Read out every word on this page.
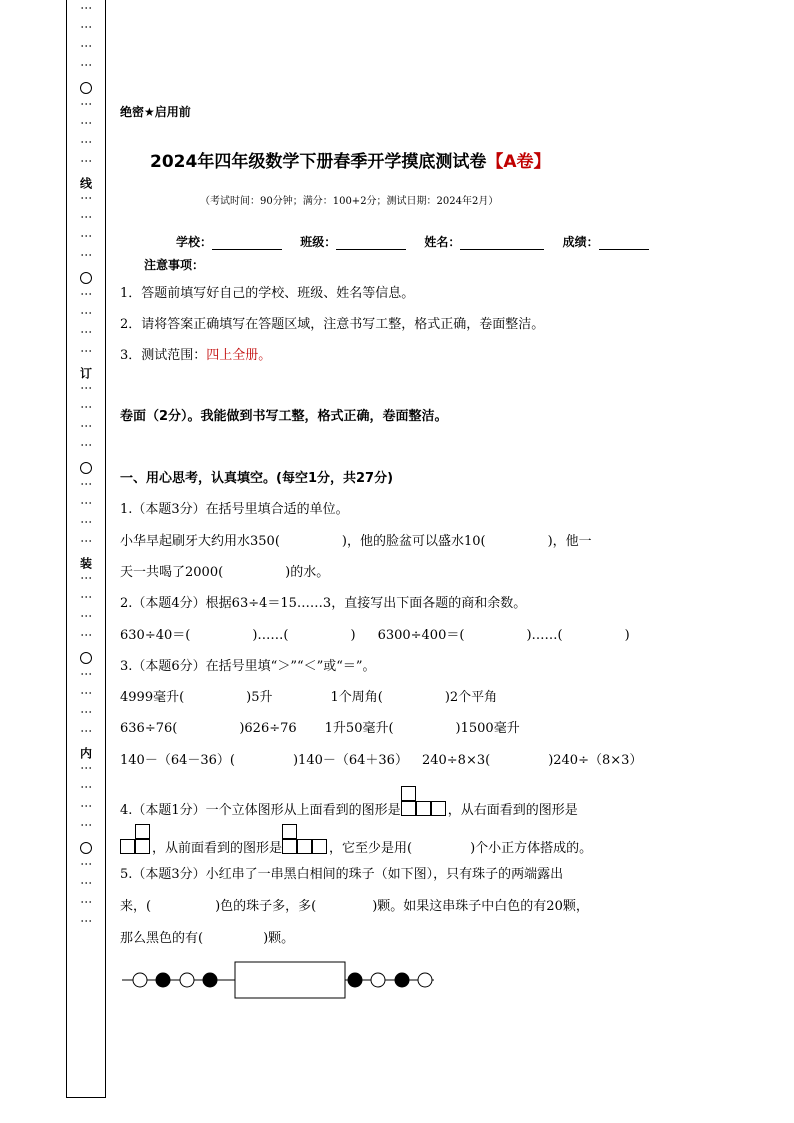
⋮
⋮
⋮
⋮
⋮
⋮
⋮
⋮
线
⋮
⋮
⋮
⋮
⋮
⋮
⋮
⋮
订
⋮
⋮
⋮
⋮
⋮
⋮
⋮
⋮
装
⋮
⋮
⋮
⋮
⋮
⋮
⋮
⋮
内
⋮
⋮
⋮
⋮
⋮
⋮
⋮
⋮
绝密★启用前
2024年四年级数学下册春季开学摸底测试卷【A卷】
（考试时间：90分钟；满分：100+2分；测试日期：2024年2月）
学校：	班级：	姓名：	成绩：
注意事项：
1．答题前填写好自己的学校、班级、姓名等信息。
2．请将答案正确填写在答题区域，注意书写工整，格式正确，卷面整洁。
3．测试范围：四上全册。
卷面（2分）。我能做到书写工整，格式正确，卷面整洁。
一、用心思考，认真填空。(每空1分，共27分)
1.（本题3分）在括号里填合适的单位。
小华早起刷牙大约用水350(	)，他的脸盆可以盛水10(	)，他一
天一共喝了2000(	)的水。
2.（本题4分）根据63÷4＝15……3，直接写出下面各题的商和余数。
630÷40＝(	)……(	) 6300÷400＝(	)……(	)
3.（本题6分）在括号里填“＞”“＜”或“＝”。
4999毫升(	)5升	1个周角(	)2个平角
636÷76(	)626÷76 1升50毫升(	)1500毫升
140－（64－36）(	)140－（64＋36） 240÷8×3(	)240÷（8×3）
4.（本题1分）一个立体图形从上面看到的图形是	，从右面看到的图形是
，从前面看到的图形是	，它至少是用(	)个小正方体搭成的。
5.（本题3分）小红串了一串黑白相间的珠子（如下图），只有珠子的两端露出
来，(	)色的珠子多，多(	)颗。如果这串珠子中白色的有20颗，
那么黑色的有(	)颗。
